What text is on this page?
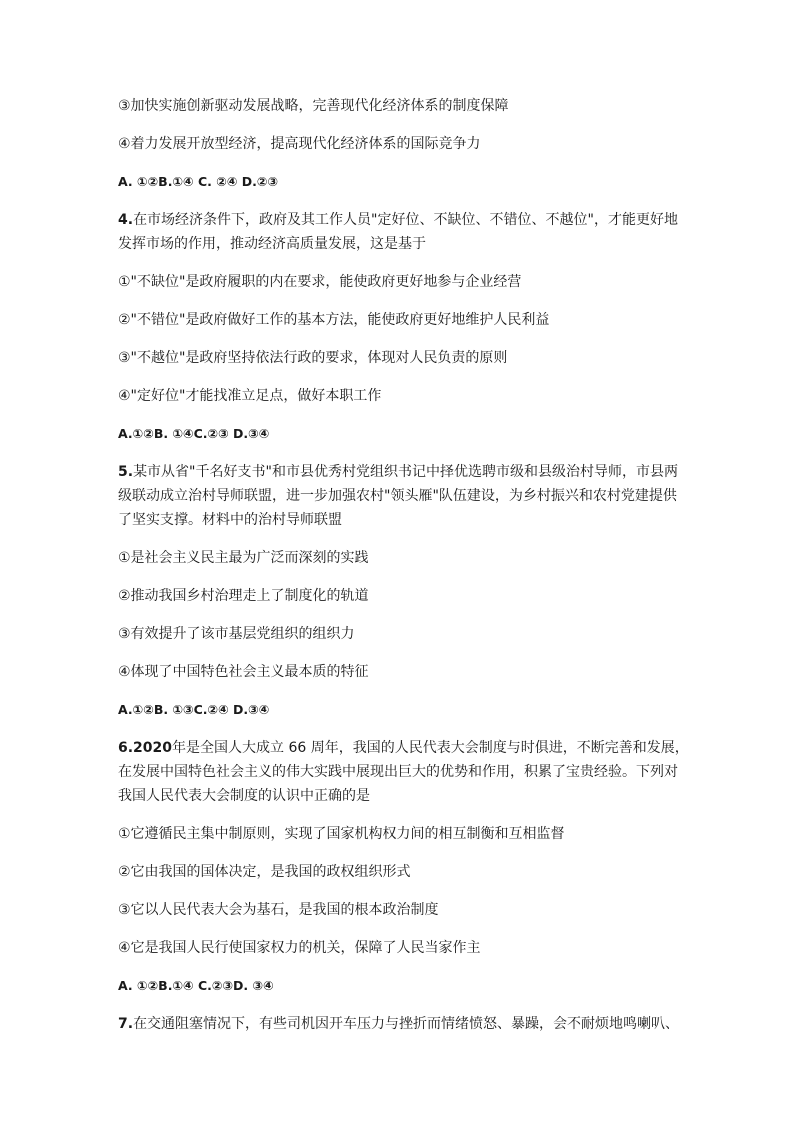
③加快实施创新驱动发展战略，完善现代化经济体系的制度保障
④着力发展开放型经济，提高现代化经济体系的国际竞争力
A. ①②B.①④ C. ②④ D.②③
4.在市场经济条件下，政府及其工作人员"定好位、不缺位、不错位、不越位"，才能更好地
发挥市场的作用，推动经济高质量发展，这是基于
①"不缺位"是政府履职的内在要求，能使政府更好地参与企业经营
②"不错位"是政府做好工作的基本方法，能使政府更好地维护人民利益
③"不越位"是政府坚持依法行政的要求，体现对人民负责的原则
④"定好位"才能找准立足点，做好本职工作
A.①②B. ①④C.②③ D.③④
5.某市从省"千名好支书"和市县优秀村党组织书记中择优选聘市级和县级治村导师，市县两
级联动成立治村导师联盟，进一步加强农村"领头雁"队伍建设，为乡村振兴和农村党建提供
了坚实支撑。材料中的治村导师联盟
①是社会主义民主最为广泛而深刻的实践
②推动我国乡村治理走上了制度化的轨道
③有效提升了该市基层党组织的组织力
④体现了中国特色社会主义最本质的特征
A.①②B. ①③C.②④ D.③④
6.2020年是全国人大成立 66 周年，我国的人民代表大会制度与时俱进，不断完善和发展，
在发展中国特色社会主义的伟大实践中展现出巨大的优势和作用，积累了宝贵经验。下列对
我国人民代表大会制度的认识中正确的是
①它遵循民主集中制原则，实现了国家机构权力间的相互制衡和互相监督
②它由我国的国体决定，是我国的政权组织形式
③它以人民代表大会为基石，是我国的根本政治制度
④它是我国人民行使国家权力的机关，保障了人民当家作主
A. ①②B.①④ C.②③D. ③④
7.在交通阻塞情况下，有些司机因开车压力与挫折而情绪愤怒、暴躁，会不耐烦地鸣喇叭、
